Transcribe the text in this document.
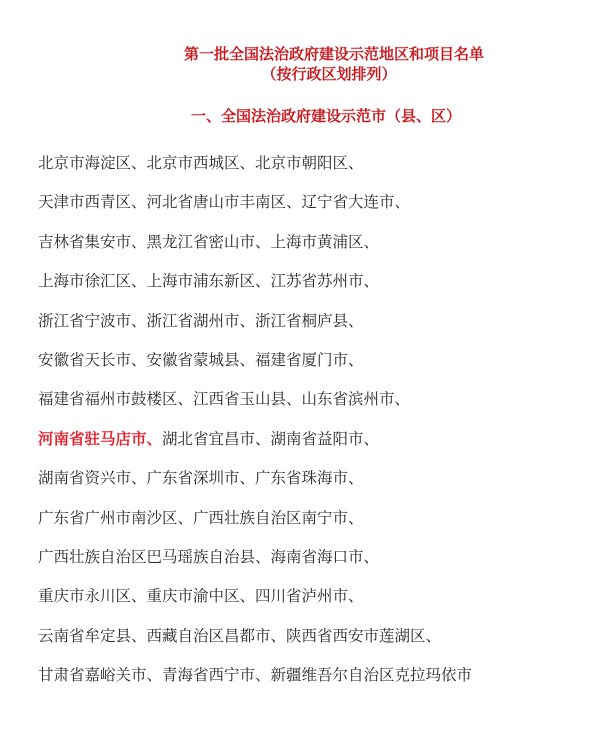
第一批全国法治政府建设示范地区和项目名单
（按行政区划排列）
一、全国法治政府建设示范市（县、区）
北京市海淀区、北京市西城区、北京市朝阳区、
天津市西青区、河北省唐山市丰南区、辽宁省大连市、
吉林省集安市、黑龙江省密山市、上海市黄浦区、
上海市徐汇区、上海市浦东新区、江苏省苏州市、
浙江省宁波市、浙江省湖州市、浙江省桐庐县、
安徽省天长市、安徽省蒙城县、福建省厦门市、
福建省福州市鼓楼区、江西省玉山县、山东省滨州市、
河南省驻马店市、湖北省宜昌市、湖南省益阳市、
湖南省资兴市、广东省深圳市、广东省珠海市、
广东省广州市南沙区、广西壮族自治区南宁市、
广西壮族自治区巴马瑶族自治县、海南省海口市、
重庆市永川区、重庆市渝中区、四川省泸州市、
云南省牟定县、西藏自治区昌都市、陕西省西安市莲湖区、
甘肃省嘉峪关市、青海省西宁市、新疆维吾尔自治区克拉玛依市
